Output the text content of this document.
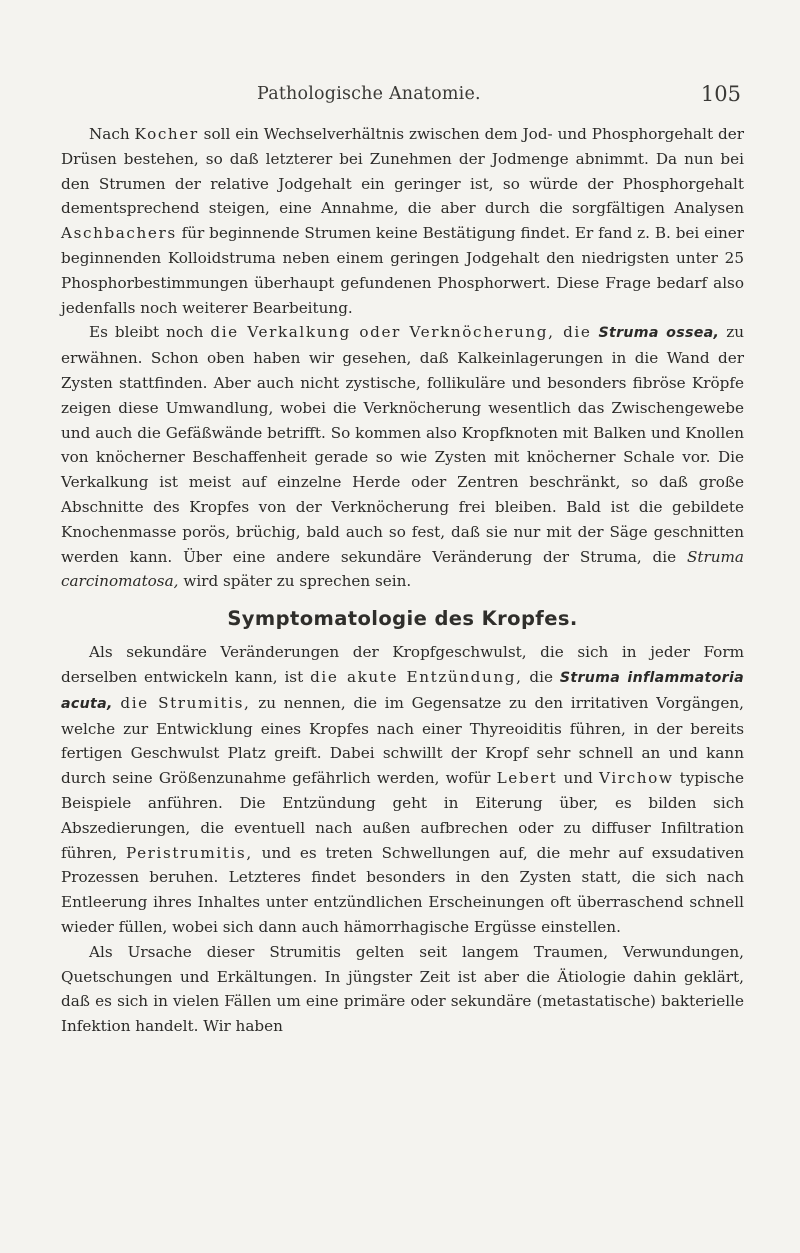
Pathologische Anatomie.	105

Nach Kocher soll ein Wechselverhältnis zwischen dem Jod- und Phosphorgehalt der Drüsen bestehen, so daß letzterer bei Zunehmen der Jodmenge abnimmt. Da nun bei den Strumen der relative Jodgehalt ein geringer ist, so würde der Phosphorgehalt dementsprechend steigen, eine Annahme, die aber durch die sorgfältigen Analysen Aschbachers für beginnende Strumen keine Bestätigung findet. Er fand z. B. bei einer beginnenden Kolloidstruma neben einem geringen Jodgehalt den niedrigsten unter 25 Phosphorbestimmungen überhaupt gefundenen Phosphorwert. Diese Frage bedarf also jedenfalls noch weiterer Bearbeitung.

Es bleibt noch die Verkalkung oder Verknöcherung, die Struma ossea, zu erwähnen. Schon oben haben wir gesehen, daß Kalkeinlagerungen in die Wand der Zysten stattfinden. Aber auch nicht zystische, follikuläre und besonders fibröse Kröpfe zeigen diese Umwandlung, wobei die Verknöcherung wesentlich das Zwischengewebe und auch die Gefäßwände betrifft. So kommen also Kropfknoten mit Balken und Knollen von knöcherner Beschaffenheit gerade so wie Zysten mit knöcherner Schale vor. Die Verkalkung ist meist auf einzelne Herde oder Zentren beschränkt, so daß große Abschnitte des Kropfes von der Verknöcherung frei bleiben. Bald ist die gebildete Knochenmasse porös, brüchig, bald auch so fest, daß sie nur mit der Säge geschnitten werden kann. Über eine andere sekundäre Veränderung der Struma, die Struma carcinomatosa, wird später zu sprechen sein.

Symptomatologie des Kropfes.

Als sekundäre Veränderungen der Kropfgeschwulst, die sich in jeder Form derselben entwickeln kann, ist die akute Entzündung, die Struma inflammatoria acuta, die Strumitis, zu nennen, die im Gegensatze zu den irritativen Vorgängen, welche zur Entwicklung eines Kropfes nach einer Thyreoiditis führen, in der bereits fertigen Geschwulst Platz greift. Dabei schwillt der Kropf sehr schnell an und kann durch seine Größenzunahme gefährlich werden, wofür Lebert und Virchow typische Beispiele anführen. Die Entzündung geht in Eiterung über, es bilden sich Abszedierungen, die eventuell nach außen aufbrechen oder zu diffuser Infiltration führen, Peristrumitis, und es treten Schwellungen auf, die mehr auf exsudativen Prozessen beruhen. Letzteres findet besonders in den Zysten statt, die sich nach Entleerung ihres Inhaltes unter entzündlichen Erscheinungen oft überraschend schnell wieder füllen, wobei sich dann auch hämorrhagische Ergüsse einstellen.

Als Ursache dieser Strumitis gelten seit langem Traumen, Verwundungen, Quetschungen und Erkältungen. In jüngster Zeit ist aber die Ätiologie dahin geklärt, daß es sich in vielen Fällen um eine primäre oder sekundäre (metastatische) bakterielle Infektion handelt. Wir haben
